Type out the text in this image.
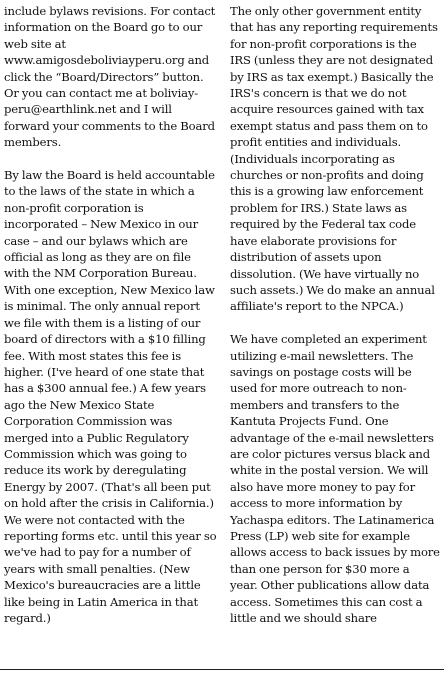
include bylaws revisions. For contact information on the Board go to our web site at www.amigosdeboliviayperu.org and click the “Board/Directors” button. Or you can contact me at boliviay-peru@earthlink.net and I will forward your comments to the Board members.

By law the Board is held accountable to the laws of the state in which a non-profit corporation is incorporated – New Mexico in our case – and our bylaws which are official as long as they are on file with the NM Corporation Bureau. With one exception, New Mexico law is minimal. The only annual report we file with them is a listing of our board of directors with a $10 filling fee. With most states this fee is higher. (I've heard of one state that has a $300 annual fee.) A few years ago the New Mexico State Corporation Commission was merged into a Public Regulatory Commission which was going to reduce its work by deregulating Energy by 2007. (That's all been put on hold after the crisis in California.) We were not contacted with the reporting forms etc. until this year so we've had to pay for a number of years with small penalties. (New Mexico's bureaucracies are a little like being in Latin America in that regard.)

The only other government entity that has any reporting requirements for non-profit corporations is the IRS (unless they are not designated by IRS as tax exempt.) Basically the IRS's concern is that we do not acquire resources gained with tax exempt status and pass them on to profit entities and individuals. (Individuals incorporating as churches or non-profits and doing this is a growing law enforcement problem for IRS.) State laws as required by the Federal tax code have elaborate provisions for distribution of assets upon dissolution. (We have virtually no such assets.) We do make an annual affiliate's report to the NPCA.)

We have completed an experiment utilizing e-mail newsletters. The savings on postage costs will be used for more outreach to non-members and transfers to the Kantuta Projects Fund. One advantage of the e-mail newsletters are color pictures versus black and white in the postal version. We will also have more money to pay for access to more information by Yachaspa editors. The Latinamerica Press (LP) web site for example allows access to back issues by more than one person for $30 more a year. Other publications allow data access. Sometimes this can cost a little and we should share
